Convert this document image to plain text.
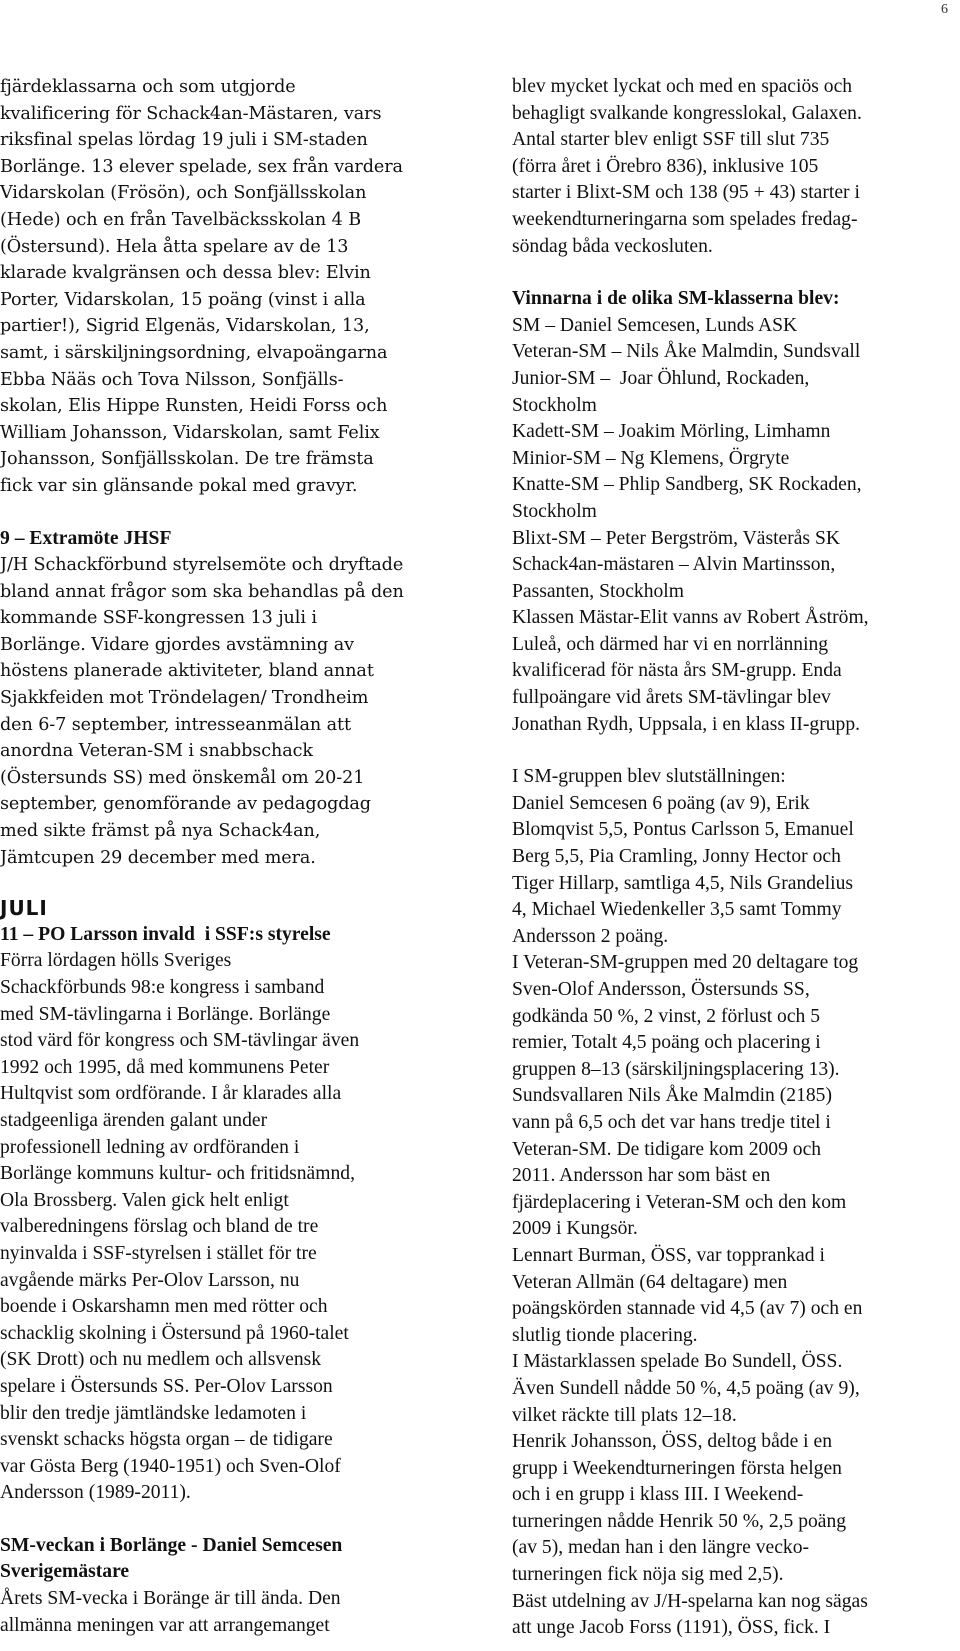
6
fjärdeklassarna och som utgjorde
kvalificering för Schack4an-Mästaren, vars
riksfinal spelas lördag 19 juli i SM-staden
Borlänge. 13 elever spelade, sex från vardera
Vidarskolan (Frösön), och Sonfjällsskolan
(Hede) och en från Tavelbäcksskolan 4 B
(Östersund). Hela åtta spelare av de 13
klarade kvalgränsen och dessa blev: Elvin
Porter, Vidarskolan, 15 poäng (vinst i alla
partier!), Sigrid Elgenäs, Vidarskolan, 13,
samt, i särskiljningsordning, elvapoängarna
Ebba Nääs och Tova Nilsson, Sonfjälls-
skolan, Elis Hippe Runsten, Heidi Forss och
William Johansson, Vidarskolan, samt Felix
Johansson, Sonfjällsskolan. De tre främsta
fick var sin glänsande pokal med gravyr.
9 – Extramöte JHSF
J/H Schackförbund styrelsemöte och dryftade
bland annat frågor som ska behandlas på den
kommande SSF-kongressen 13 juli i
Borlänge. Vidare gjordes avstämning av
höstens planerade aktiviteter, bland annat
Sjakkfeiden mot Tröndelagen/ Trondheim
den 6-7 september, intresseanmälan att
anordna Veteran-SM i snabbschack
(Östersunds SS) med önskemål om 20-21
september, genomförande av pedagogdag
med sikte främst på nya Schack4an,
Jämtcupen 29 december med mera.
JULI
11 – PO Larsson invald  i SSF:s styrelse
Förra lördagen hölls Sveriges
Schackförbunds 98:e kongress i samband
med SM-tävlingarna i Borlänge. Borlänge
stod värd för kongress och SM-tävlingar även
1992 och 1995, då med kommunens Peter
Hultqvist som ordförande. I år klarades alla
stadgeenliga ärenden galant under
professionell ledning av ordföranden i
Borlänge kommuns kultur- och fritidsnämnd,
Ola Brossberg. Valen gick helt enligt
valberedningens förslag och bland de tre
nyinvalda i SSF-styrelsen i stället för tre
avgående märks Per-Olov Larsson, nu
boende i Oskarshamn men med rötter och
schacklig skolning i Östersund på 1960-talet
(SK Drott) och nu medlem och allsvensk
spelare i Östersunds SS. Per-Olov Larsson
blir den tredje jämtländske ledamoten i
svenskt schacks högsta organ – de tidigare
var Gösta Berg (1940-1951) och Sven-Olof
Andersson (1989-2011).
SM-veckan i Borlänge - Daniel Semcesen
Sverigemästare
Årets SM-vecka i Boränge är till ända. Den
allmänna meningen var att arrangemanget
blev mycket lyckat och med en spaciös och
behagligt svalkande kongresslokal, Galaxen.
Antal starter blev enligt SSF till slut 735
(förra året i Örebro 836), inklusive 105
starter i Blixt-SM och 138 (95 + 43) starter i
weekendturneringarna som spelades fredag-
söndag båda veckosluten.
Vinnarna i de olika SM-klasserna blev:
SM – Daniel Semcesen, Lunds ASK
Veteran-SM – Nils Åke Malmdin, Sundsvall
Junior-SM –  Joar Öhlund, Rockaden,
Stockholm
Kadett-SM – Joakim Mörling, Limhamn
Minior-SM – Ng Klemens, Örgryte
Knatte-SM – Phlip Sandberg, SK Rockaden,
Stockholm
Blixt-SM – Peter Bergström, Västerås SK
Schack4an-mästaren – Alvin Martinsson,
Passanten, Stockholm
Klassen Mästar-Elit vanns av Robert Åström,
Luleå, och därmed har vi en norrlänning
kvalificerad för nästa års SM-grupp. Enda
fullpoängare vid årets SM-tävlingar blev
Jonathan Rydh, Uppsala, i en klass II-grupp.
I SM-gruppen blev slutställningen:
Daniel Semcesen 6 poäng (av 9), Erik
Blomqvist 5,5, Pontus Carlsson 5, Emanuel
Berg 5,5, Pia Cramling, Jonny Hector och
Tiger Hillarp, samtliga 4,5, Nils Grandelius
4, Michael Wiedenkeller 3,5 samt Tommy
Andersson 2 poäng.
I Veteran-SM-gruppen med 20 deltagare tog
Sven-Olof Andersson, Östersunds SS,
godkända 50 %, 2 vinst, 2 förlust och 5
remier, Totalt 4,5 poäng och placering i
gruppen 8–13 (särskiljningsplacering 13).
Sundsvallaren Nils Åke Malmdin (2185)
vann på 6,5 och det var hans tredje titel i
Veteran-SM. De tidigare kom 2009 och
2011. Andersson har som bäst en
fjärdeplacering i Veteran-SM och den kom
2009 i Kungsör.
Lennart Burman, ÖSS, var topprankad i
Veteran Allmän (64 deltagare) men
poängskörden stannade vid 4,5 (av 7) och en
slutlig tionde placering.
I Mästarklassen spelade Bo Sundell, ÖSS.
Även Sundell nådde 50 %, 4,5 poäng (av 9),
vilket räckte till plats 12–18.
Henrik Johansson, ÖSS, deltog både i en
grupp i Weekendturneringen första helgen
och i en grupp i klass III. I Weekend-
turneringen nådde Henrik 50 %, 2,5 poäng
(av 5), medan han i den längre vecko-
turneringen fick nöja sig med 2,5).
Bäst utdelning av J/H-spelarna kan nog sägas
att unge Jacob Forss (1191), ÖSS, fick. I
